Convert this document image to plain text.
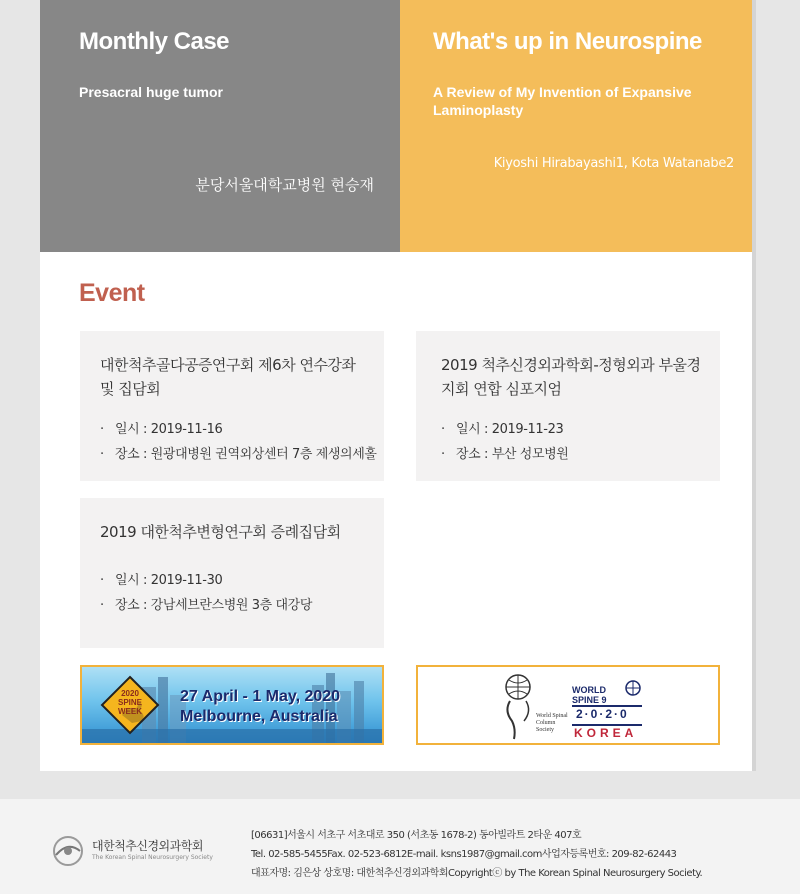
Monthly Case
Presacral huge tumor
분당서울대학교병원 현승재
What's up in Neurospine
A Review of My Invention of Expansive Laminoplasty
Kiyoshi Hirabayashi1, Kota Watanabe2
Event
대한척추골다공증연구회 제6차 연수강좌 및 집담회
· 일시 : 2019-11-16
· 장소 : 원광대병원 권역외상센터 7층 제생의세홀
2019 척추신경외과학회-정형외과 부울경지회 연합 심포지엄
· 일시 : 2019-11-23
· 장소 : 부산 성모병원
2019 대한척추변형연구회 증례집담회
· 일시 : 2019-11-30
· 장소 : 강남세브란스병원 3층 대강당
2020 SPINE WEEK
27 April - 1 May, 2020
Melbourne, Australia	World Spinal Column Society
WORLD SPINE 9
2·0·2·0
KOREA
대한척추신경외과학회
The Korean Spinal Neurosurgery Society
[06631]서울시 서초구 서초대로 350 (서초동 1678-2) 동아빌라트 2타운 407호
Tel. 02-585-5455Fax. 02-523-6812E-mail. ksns1987@gmail.com사업자등록번호: 209-82-62443
대표자명: 김은상 상호명: 대한척추신경외과학회Copyrightⓒ by The Korean Spinal Neurosurgery Society.
